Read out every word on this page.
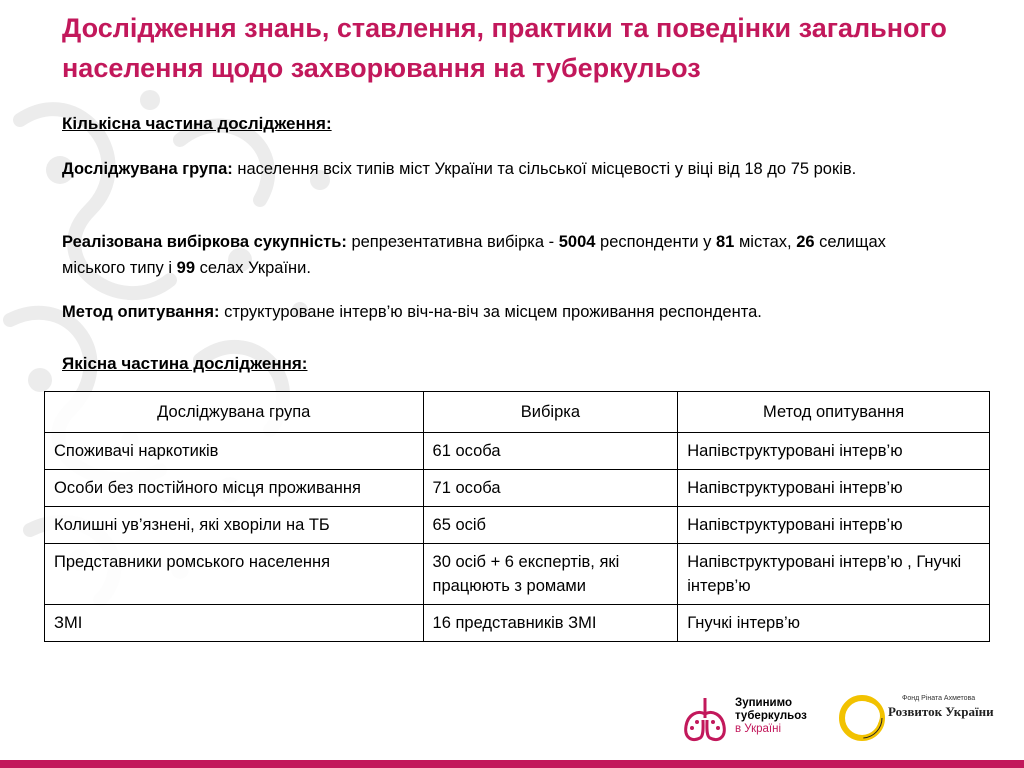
Дослідження знань, ставлення, практики та поведінки загального населення щодо захворювання на туберкульоз
Кількісна частина дослідження:
Досліджувана група: населення всіх типів міст України та сільської місцевості у віці від 18 до 75 років.
Реалізована вибіркова сукупність: репрезентативна вибірка - 5004 респонденти у 81 містах, 26 селищах міського типу і 99 селах України.
Метод опитування: структуроване інтерв’ю віч-на-віч за місцем проживання респондента.
Якісна частина дослідження:
Досліджувана група	Вибірка	Метод опитування
Споживачі наркотиків	61 особа	Напівструктуровані інтерв’ю
Особи без постійного місця проживання	71 особа	Напівструктуровані інтерв’ю
Колишні ув’язнені, які хворіли на ТБ	65 осіб	Напівструктуровані інтерв’ю
Представники ромського населення	30 осіб + 6 експертів, які працюють з ромами	Напівструктуровані інтерв’ю , Гнучкі інтерв’ю
ЗМІ	16 представників ЗМІ	Гнучкі інтерв’ю
Зупинимо
туберкульоз
в Україні
Фонд Ріната Ахметова
Розвиток України
